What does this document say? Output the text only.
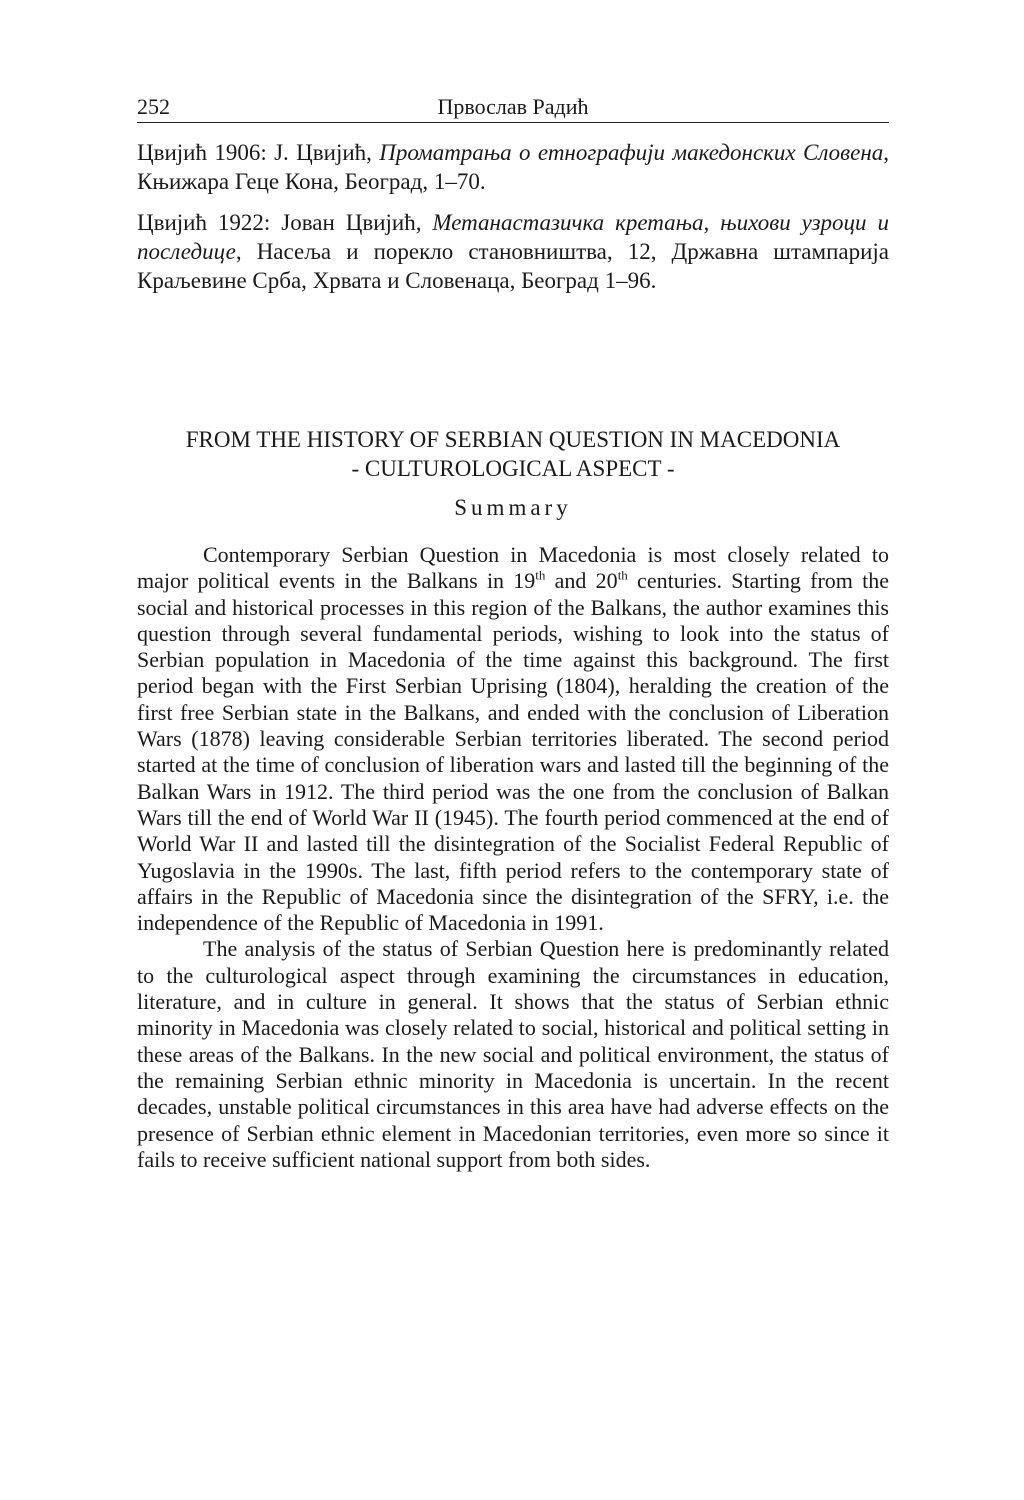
252	Првослав Радић

Цвијић 1906: Ј. Цвијић, Проматрања о етнографији македонских Словена, Књижара Геце Кона, Београд, 1–70.

Цвијић 1922: Јован Цвијић, Метанастазичка кретања, њихови узроци и последице, Насеља и порекло становништва, 12, Државна штампарија Краљевине Срба, Хрвата и Словенаца, Београд 1–96.

FROM THE HISTORY OF SERBIAN QUESTION IN MACEDONIA
- CULTUROLOGICAL ASPECT -
Summary

Contemporary Serbian Question in Macedonia is most closely related to major political events in the Balkans in 19th and 20th centuries. Starting from the social and historical processes in this region of the Balkans, the author examines this question through several fundamental periods, wishing to look into the status of Serbian population in Macedonia of the time against this background. The first period began with the First Serbian Uprising (1804), heralding the creation of the first free Serbian state in the Balkans, and ended with the conclusion of Liberation Wars (1878) leaving considerable Serbian territories liberated. The second period started at the time of conclusion of liberation wars and lasted till the beginning of the Balkan Wars in 1912. The third period was the one from the conclusion of Balkan Wars till the end of World War II (1945). The fourth period commenced at the end of World War II and lasted till the disintegration of the Socialist Federal Republic of Yugoslavia in the 1990s. The last, fifth period refers to the contemporary state of affairs in the Republic of Macedonia since the disintegration of the SFRY, i.e. the independence of the Republic of Macedonia in 1991.

The analysis of the status of Serbian Question here is predominantly related to the culturological aspect through examining the circumstances in education, literature, and in culture in general. It shows that the status of Serbian ethnic minority in Macedonia was closely related to social, historical and political setting in these areas of the Balkans. In the new social and political environment, the status of the remaining Serbian ethnic minority in Macedonia is uncertain. In the recent decades, unstable political circumstances in this area have had adverse effects on the presence of Serbian ethnic element in Macedonian territories, even more so since it fails to receive sufficient national support from both sides.
